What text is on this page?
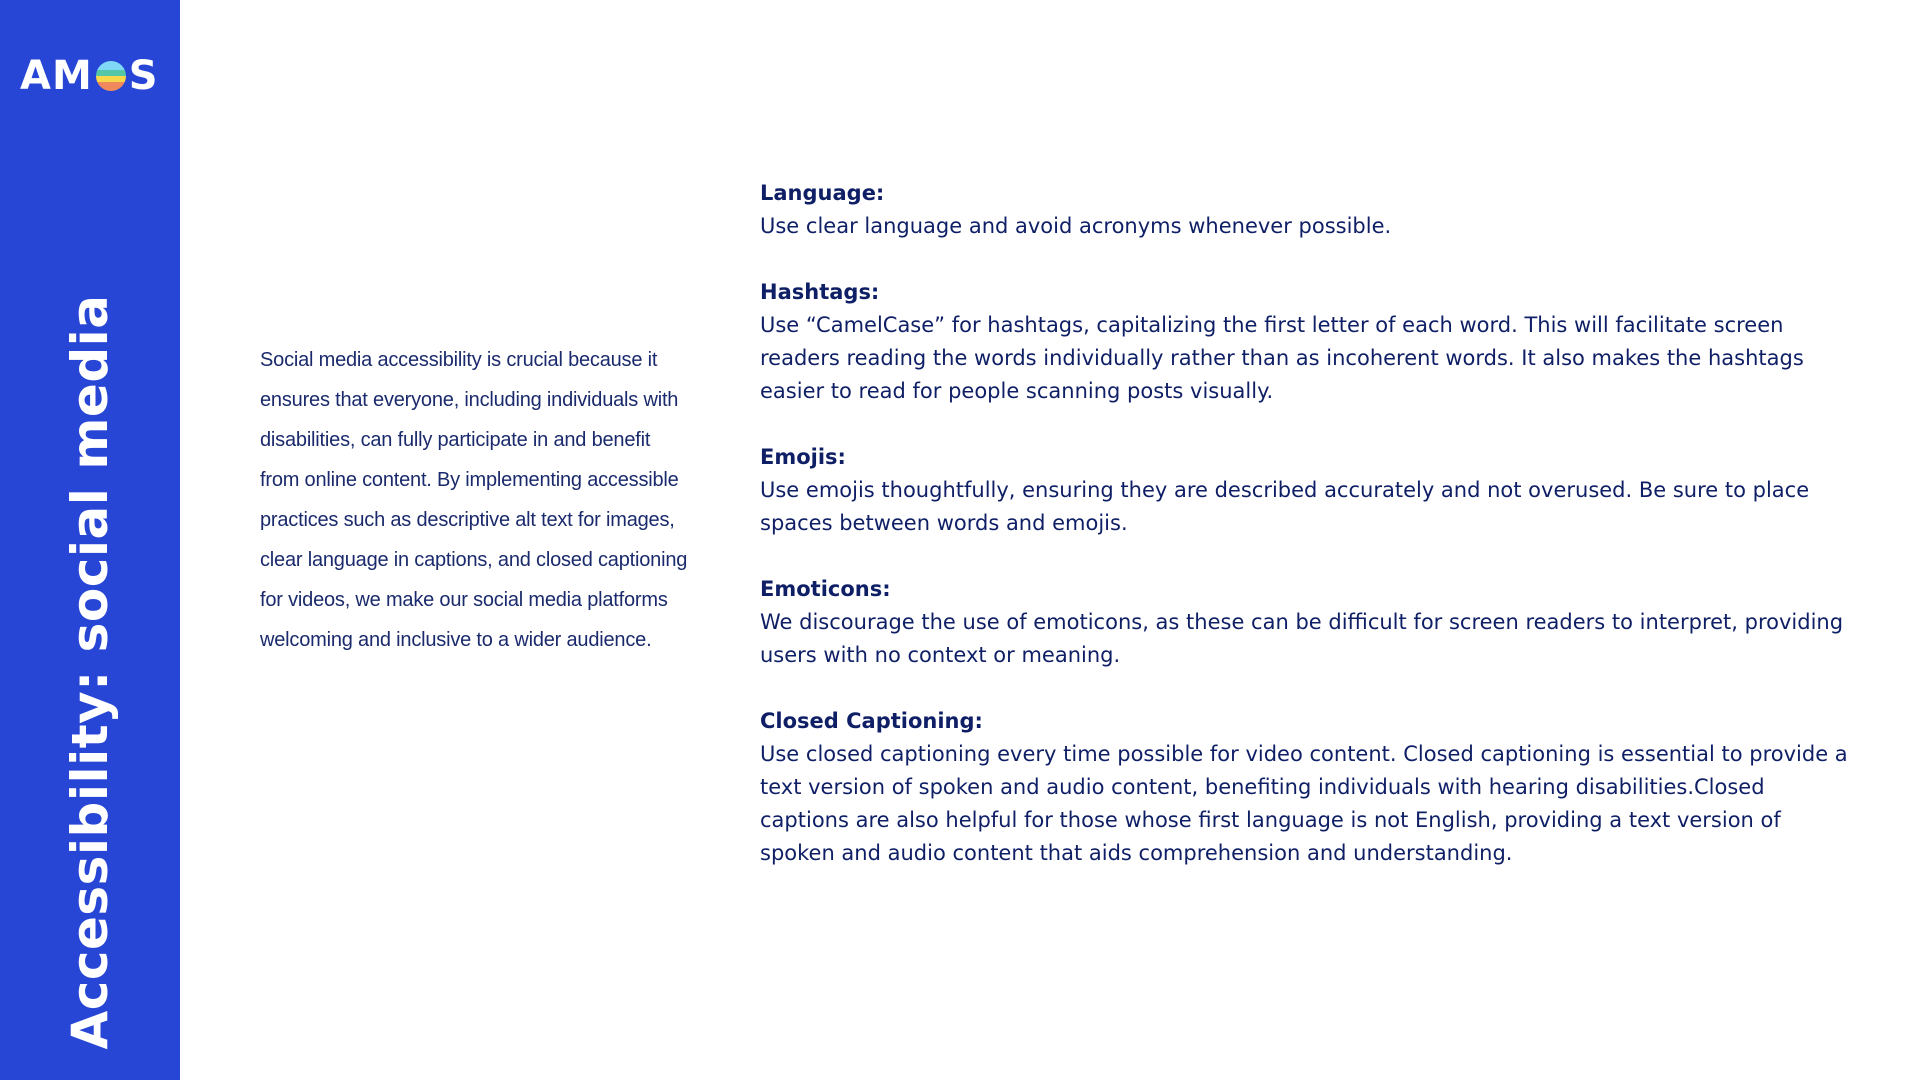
AM S
Accessibility: social media	Social media accessibility is crucial because it ensures that everyone, including individuals with disabilities, can fully participate in and benefit from online content. By implementing accessible practices such as descriptive alt text for images, clear language in captions, and closed captioning for videos, we make our social media platforms welcoming and inclusive to a wider audience.
Language:
Use clear language and avoid acronyms whenever possible.
Hashtags:
Use “CamelCase” for hashtags, capitalizing the first letter of each word. This will facilitate screen readers reading the words individually rather than as incoherent words. It also makes the hashtags easier to read for people scanning posts visually.
Emojis:
Use emojis thoughtfully, ensuring they are described accurately and not overused. Be sure to place spaces between words and emojis.
Emoticons:
We discourage the use of emoticons, as these can be difficult for screen readers to interpret, providing users with no context or meaning.
Closed Captioning:
Use closed captioning every time possible for video content. Closed captioning is essential to provide a text version of spoken and audio content, benefiting individuals with hearing disabilities.Closed captions are also helpful for those whose first language is not English, providing a text version of spoken and audio content that aids comprehension and understanding.
